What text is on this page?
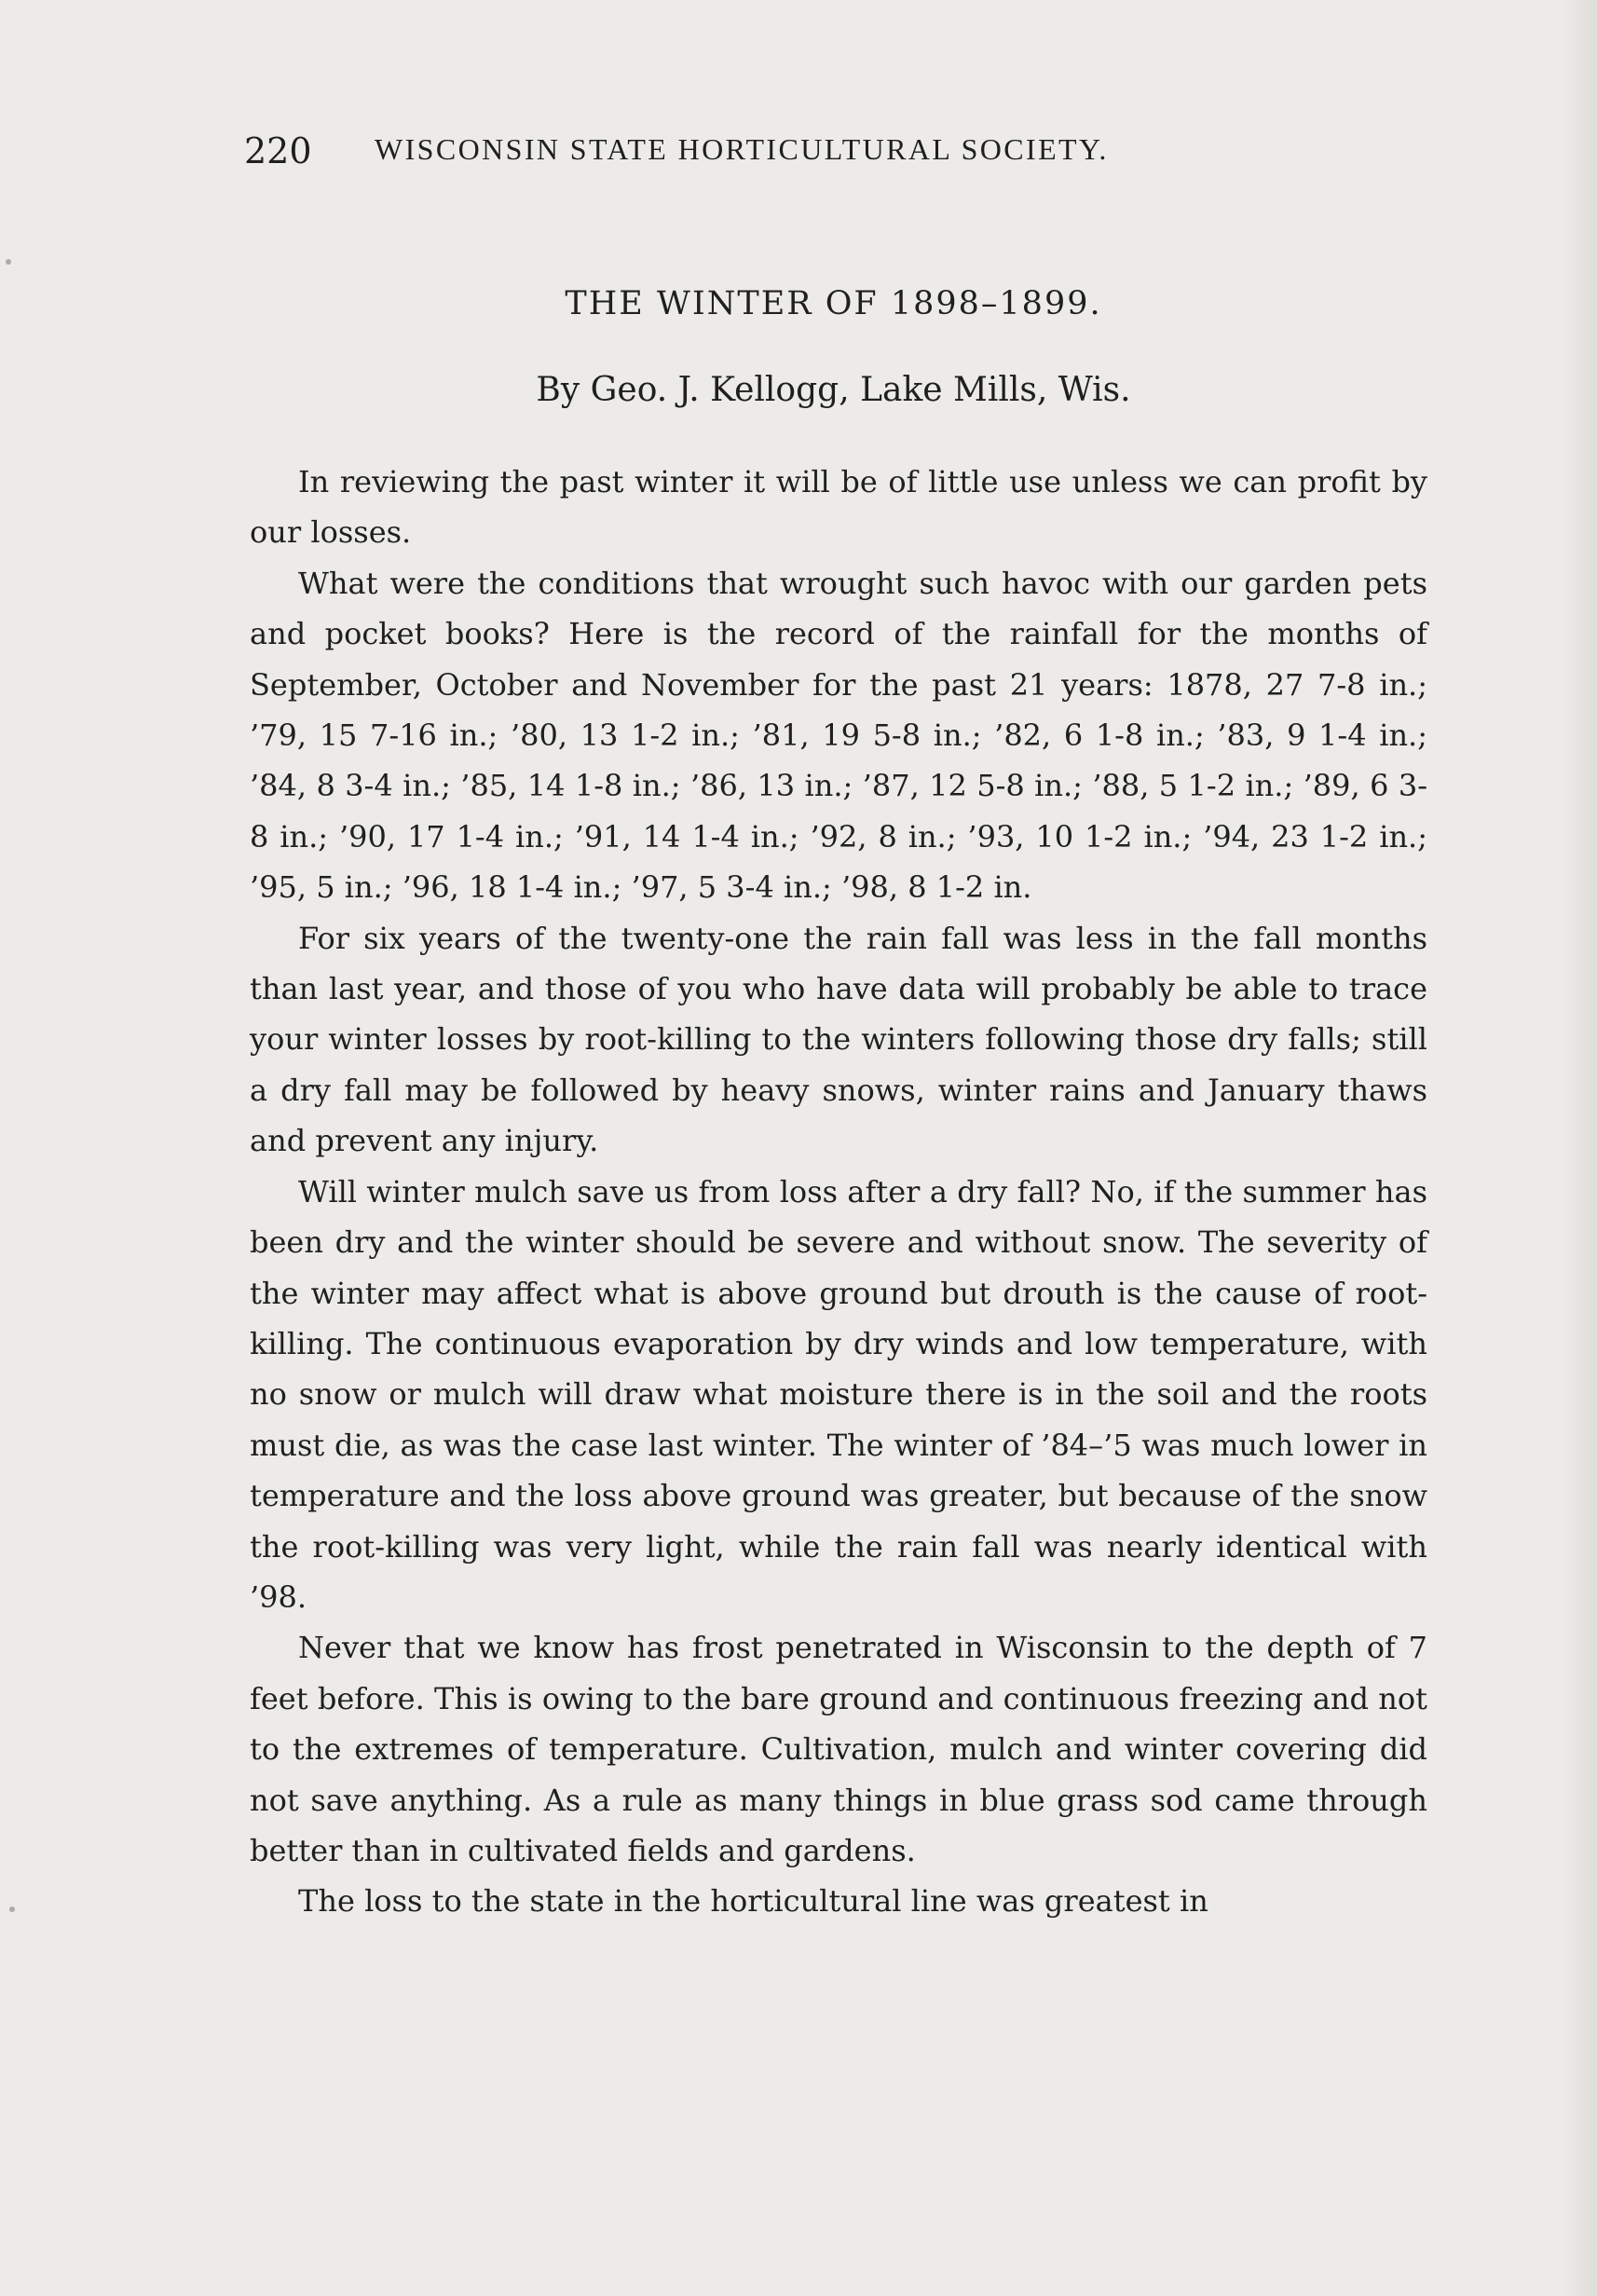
220 WISCONSIN STATE HORTICULTURAL SOCIETY.
THE WINTER OF 1898–1899.
By Geo. J. Kellogg, Lake Mills, Wis.

In reviewing the past winter it will be of little use unless we can profit by our losses.

What were the conditions that wrought such havoc with our garden pets and pocket books? Here is the record of the rainfall for the months of September, October and November for the past 21 years: 1878, 27 7-8 in.; ’79, 15 7-16 in.; ’80, 13 1-2 in.; ’81, 19 5-8 in.; ’82, 6 1-8 in.; ’83, 9 1-4 in.; ’84, 8 3-4 in.; ’85, 14 1-8 in.; ’86, 13 in.; ’87, 12 5-8 in.; ’88, 5 1-2 in.; ’89, 6 3-8 in.; ’90, 17 1-4 in.; ’91, 14 1-4 in.; ’92, 8 in.; ’93, 10 1-2 in.; ’94, 23 1-2 in.; ’95, 5 in.; ’96, 18 1-4 in.; ’97, 5 3-4 in.; ’98, 8 1-2 in.

For six years of the twenty-one the rain fall was less in the fall months than last year, and those of you who have data will probably be able to trace your winter losses by root-killing to the winters following those dry falls; still a dry fall may be followed by heavy snows, winter rains and January thaws and prevent any injury.

Will winter mulch save us from loss after a dry fall? No, if the summer has been dry and the winter should be severe and without snow. The severity of the winter may affect what is above ground but drouth is the cause of root-killing. The continuous evaporation by dry winds and low temperature, with no snow or mulch will draw what moisture there is in the soil and the roots must die, as was the case last winter. The winter of ’84–’5 was much lower in temperature and the loss above ground was greater, but because of the snow the root-killing was very light, while the rain fall was nearly identical with ’98.

Never that we know has frost penetrated in Wisconsin to the depth of 7 feet before. This is owing to the bare ground and continuous freezing and not to the extremes of temperature. Cultivation, mulch and winter covering did not save anything. As a rule as many things in blue grass sod came through better than in cultivated fields and gardens.

The loss to the state in the horticultural line was greatest in
